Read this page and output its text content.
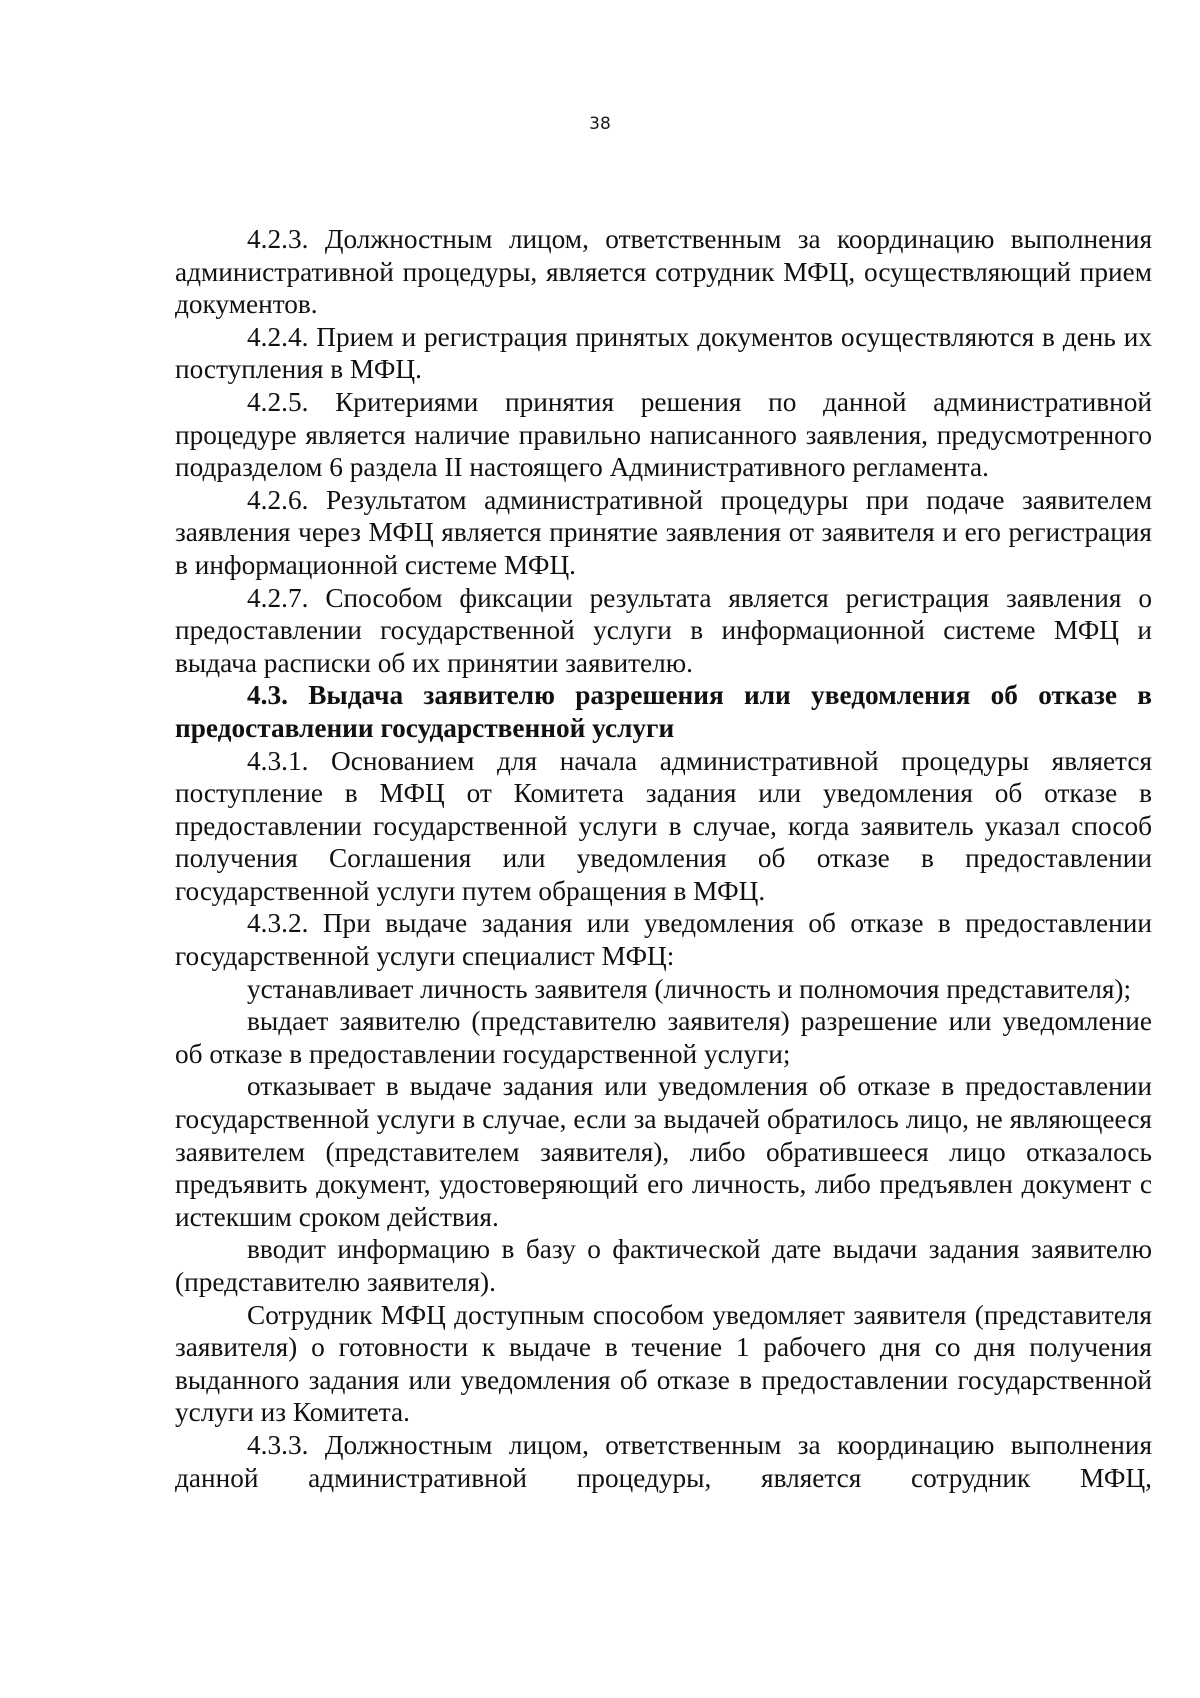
38

4.2.3. Должностным лицом, ответственным за координацию выполнения административной процедуры, является сотрудник МФЦ, осуществляющий прием документов.

4.2.4. Прием и регистрация принятых документов осуществляются в день их поступления в МФЦ.

4.2.5. Критериями принятия решения по данной административной процедуре является наличие правильно написанного заявления, предусмотренного подразделом 6 раздела II настоящего Административного регламента.

4.2.6. Результатом административной процедуры при подаче заявителем заявления через МФЦ является принятие заявления от заявителя и его регистрация в информационной системе МФЦ.

4.2.7. Способом фиксации результата является регистрация заявления о предоставлении государственной услуги в информационной системе МФЦ и выдача расписки об их принятии заявителю.

4.3. Выдача заявителю разрешения или уведомления об отказе в предоставлении государственной услуги

4.3.1. Основанием для начала административной процедуры является поступление в МФЦ от Комитета задания или уведомления об отказе в предоставлении государственной услуги в случае, когда заявитель указал способ получения Соглашения или уведомления об отказе в предоставлении государственной услуги путем обращения в МФЦ.

4.3.2. При выдаче задания или уведомления об отказе в предоставлении государственной услуги специалист МФЦ:

устанавливает личность заявителя (личность и полномочия представителя);

выдает заявителю (представителю заявителя) разрешение или уведомление об отказе в предоставлении государственной услуги;

отказывает в выдаче задания или уведомления об отказе в предоставлении государственной услуги в случае, если за выдачей обратилось лицо, не являющееся заявителем (представителем заявителя), либо обратившееся лицо отказалось предъявить документ, удостоверяющий его личность, либо предъявлен документ с истекшим сроком действия.

вводит информацию в базу о фактической дате выдачи задания заявителю (представителю заявителя).

Сотрудник МФЦ доступным способом уведомляет заявителя (представителя заявителя) о готовности к выдаче в течение 1 рабочего дня со дня получения выданного задания или уведомления об отказе в предоставлении государственной услуги из Комитета.

4.3.3. Должностным лицом, ответственным за координацию выполнения данной административной процедуры, является сотрудник МФЦ,
